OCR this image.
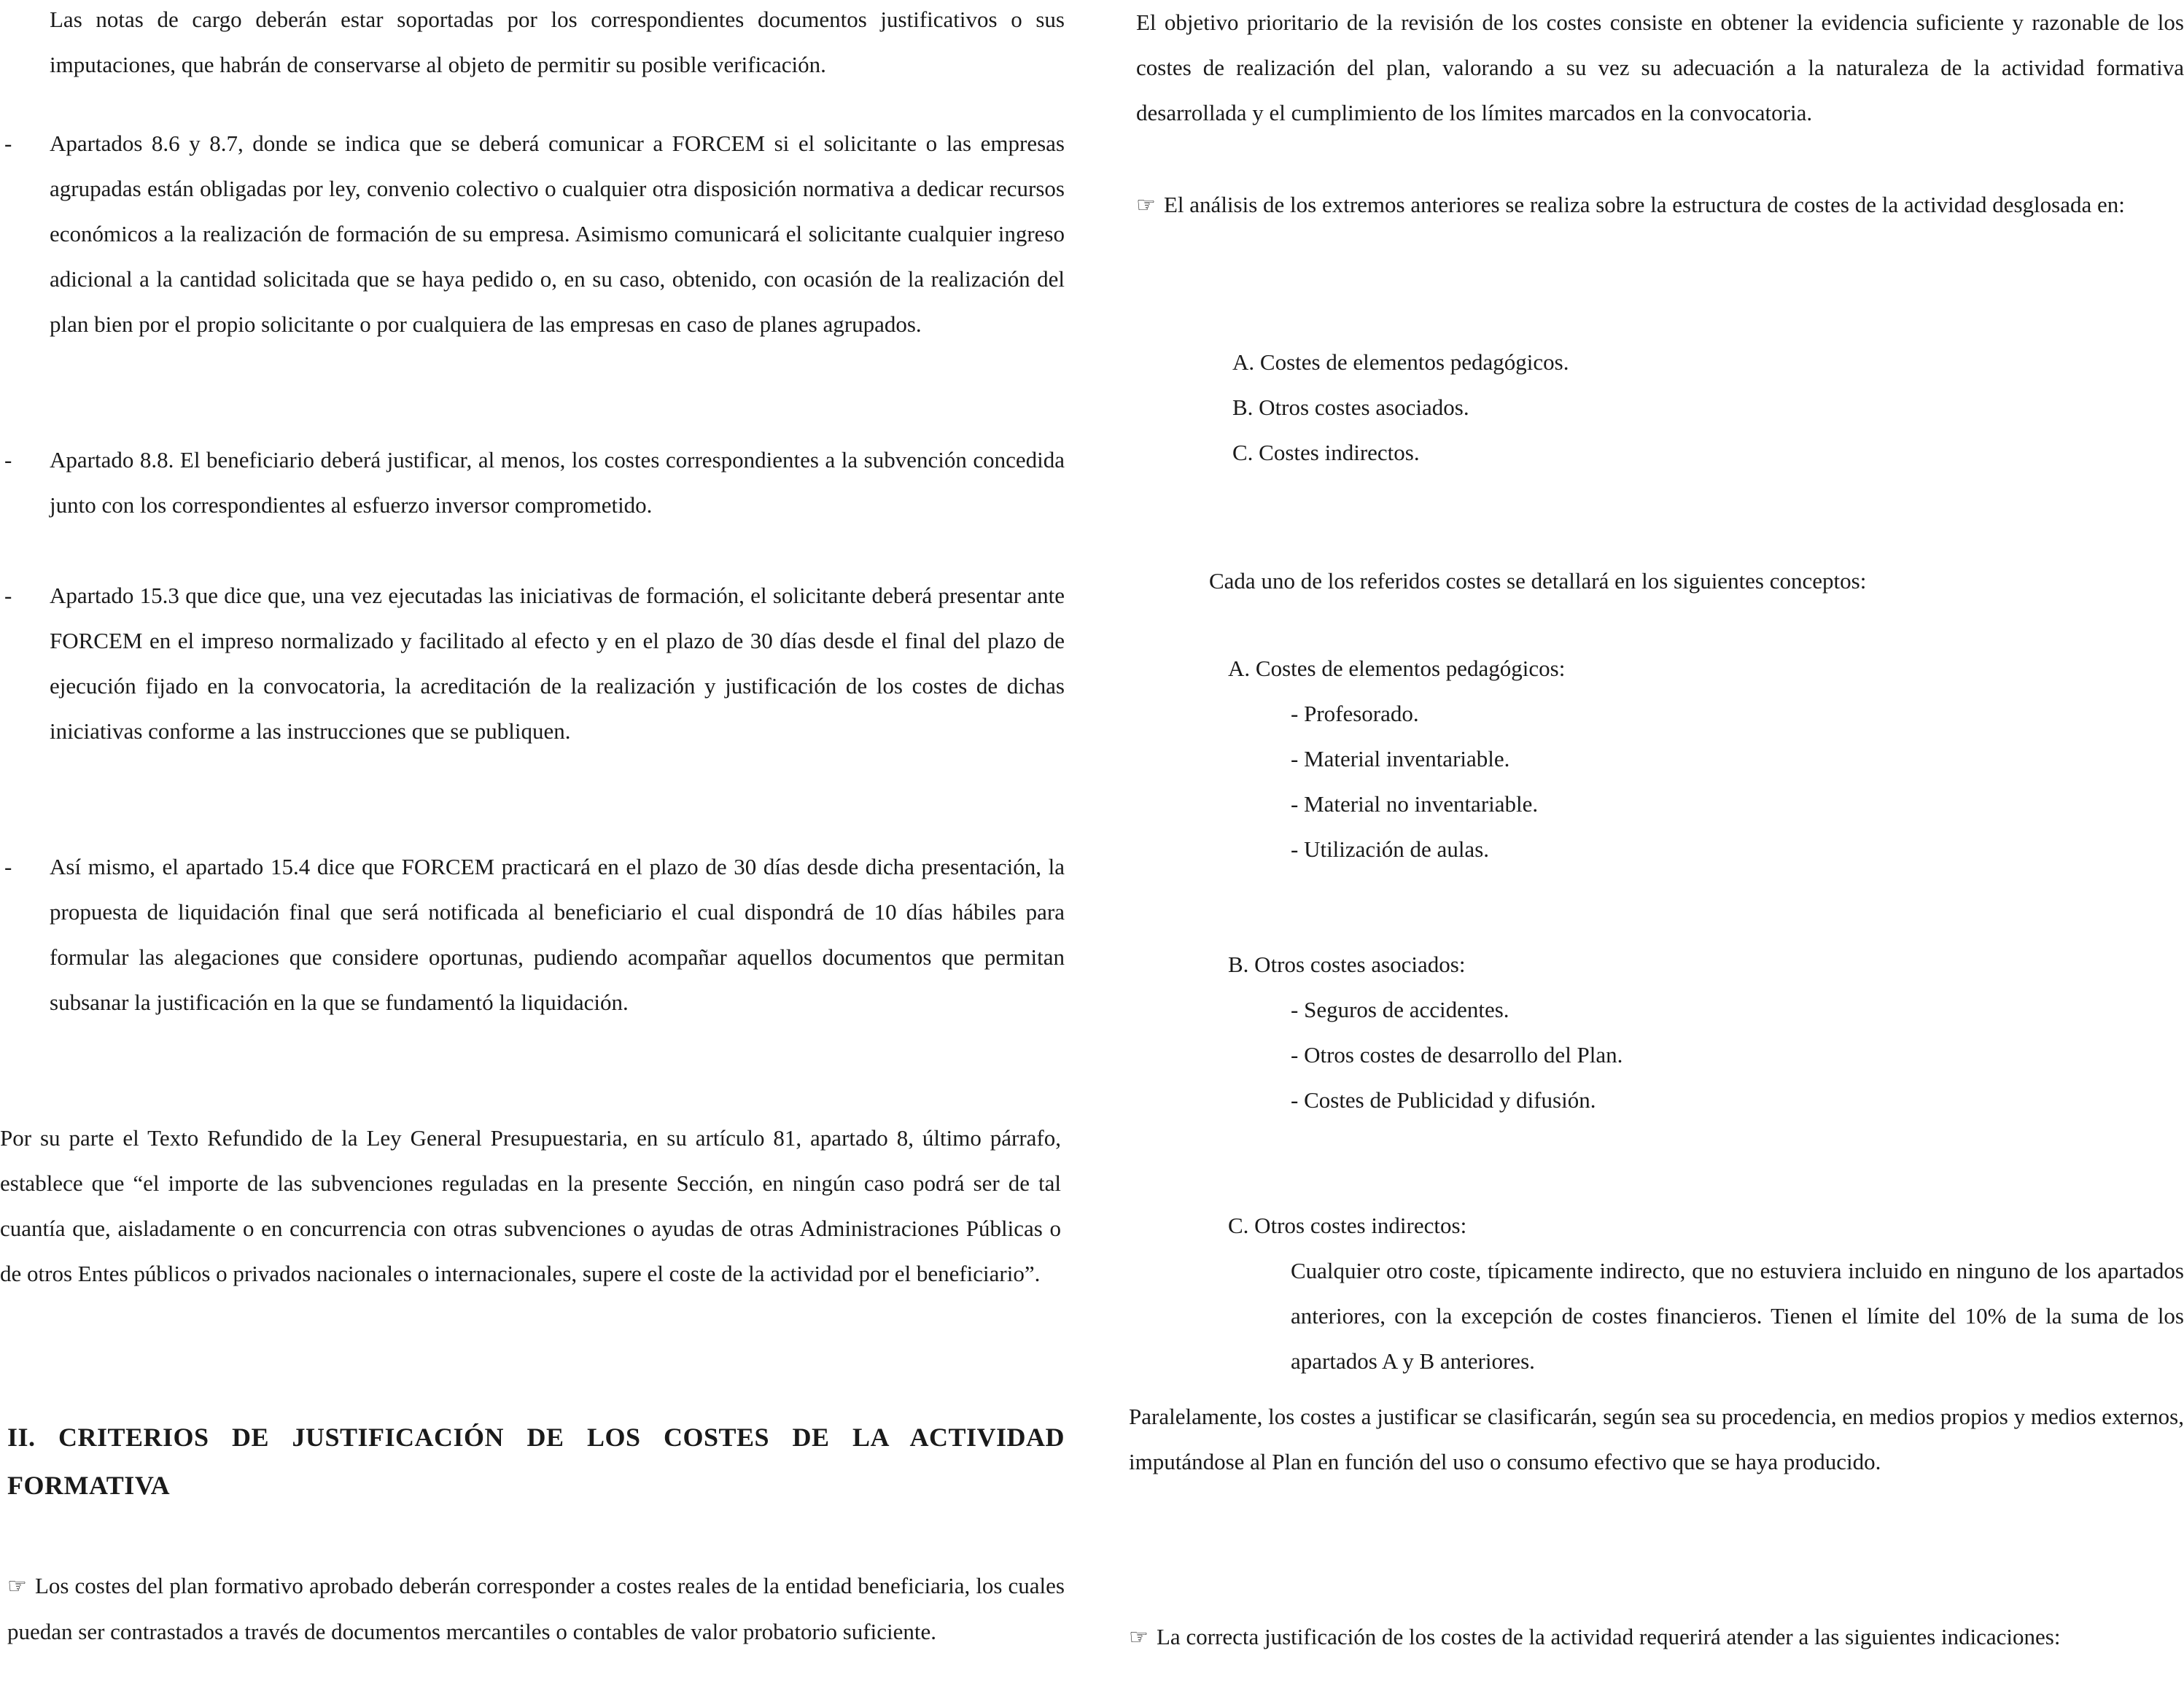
Las notas de cargo deberán estar soportadas por los correspondientes documentos justificativos o sus imputaciones, que habrán de conservarse al objeto de permitir su posible verificación.

- Apartados 8.6 y 8.7, donde se indica que se deberá comunicar a FORCEM si el solicitante o las empresas agrupadas están obligadas por ley, convenio colectivo o cualquier otra disposición normativa a dedicar recursos económicos a la realización de formación de su empresa. Asimismo comunicará el solicitante cualquier ingreso adicional a la cantidad solicitada que se haya pedido o, en su caso, obtenido, con ocasión de la realización del plan bien por el propio solicitante o por cualquiera de las empresas en caso de planes agrupados.

- Apartado 8.8. El beneficiario deberá justificar, al menos, los costes correspondientes a la subvención concedida junto con los correspondientes al esfuerzo inversor comprometido.

- Apartado 15.3 que dice que, una vez ejecutadas las iniciativas de formación, el solicitante deberá presentar ante FORCEM en el impreso normalizado y facilitado al efecto y en el plazo de 30 días desde el final del plazo de ejecución fijado en la convocatoria, la acreditación de la realización y justificación de los costes de dichas iniciativas conforme a las instrucciones que se publiquen.

- Así mismo, el apartado 15.4 dice que FORCEM practicará en el plazo de 30 días desde dicha presentación, la propuesta de liquidación final que será notificada al beneficiario el cual dispondrá de 10 días hábiles para formular las alegaciones que considere oportunas, pudiendo acompañar aquellos documentos que permitan subsanar la justificación en la que se fundamentó la liquidación.

Por su parte el Texto Refundido de la Ley General Presupuestaria, en su artículo 81, apartado 8, último párrafo, establece que “el importe de las subvenciones reguladas en la presente Sección, en ningún caso podrá ser de tal cuantía que, aisladamente o en concurrencia con otras subvenciones o ayudas de otras Administraciones Públicas o de otros Entes públicos o privados nacionales o internacionales, supere el coste de la actividad por el beneficiario”.

II. CRITERIOS DE JUSTIFICACIÓN DE LOS COSTES DE LA ACTIVIDAD FORMATIVA

☞ Los costes del plan formativo aprobado deberán corresponder a costes reales de la entidad beneficiaria, los cuales puedan ser contrastados a través de documentos mercantiles o contables de valor probatorio suficiente.

El objetivo prioritario de la revisión de los costes consiste en obtener la evidencia suficiente y razonable de los costes de realización del plan, valorando a su vez su adecuación a la naturaleza de la actividad formativa desarrollada y el cumplimiento de los límites marcados en la convocatoria.

☞ El análisis de los extremos anteriores se realiza sobre la estructura de costes de la actividad desglosada en:

A. Costes de elementos pedagógicos.
B. Otros costes asociados.
C. Costes indirectos.

Cada uno de los referidos costes se detallará en los siguientes conceptos:

A. Costes de elementos pedagógicos:
- Profesorado.
- Material inventariable.
- Material no inventariable.
- Utilización de aulas.
B. Otros costes asociados:
- Seguros de accidentes.
- Otros costes de desarrollo del Plan.
- Costes de Publicidad y difusión.
C. Otros costes indirectos:

Cualquier otro coste, típicamente indirecto, que no estuviera incluido en ninguno de los apartados anteriores, con la excepción de costes financieros. Tienen el límite del 10% de la suma de los apartados A y B anteriores.

Paralelamente, los costes a justificar se clasificarán, según sea su procedencia, en medios propios y medios externos, imputándose al Plan en función del uso o consumo efectivo que se haya producido.

☞ La correcta justificación de los costes de la actividad requerirá atender a las siguientes indicaciones:
